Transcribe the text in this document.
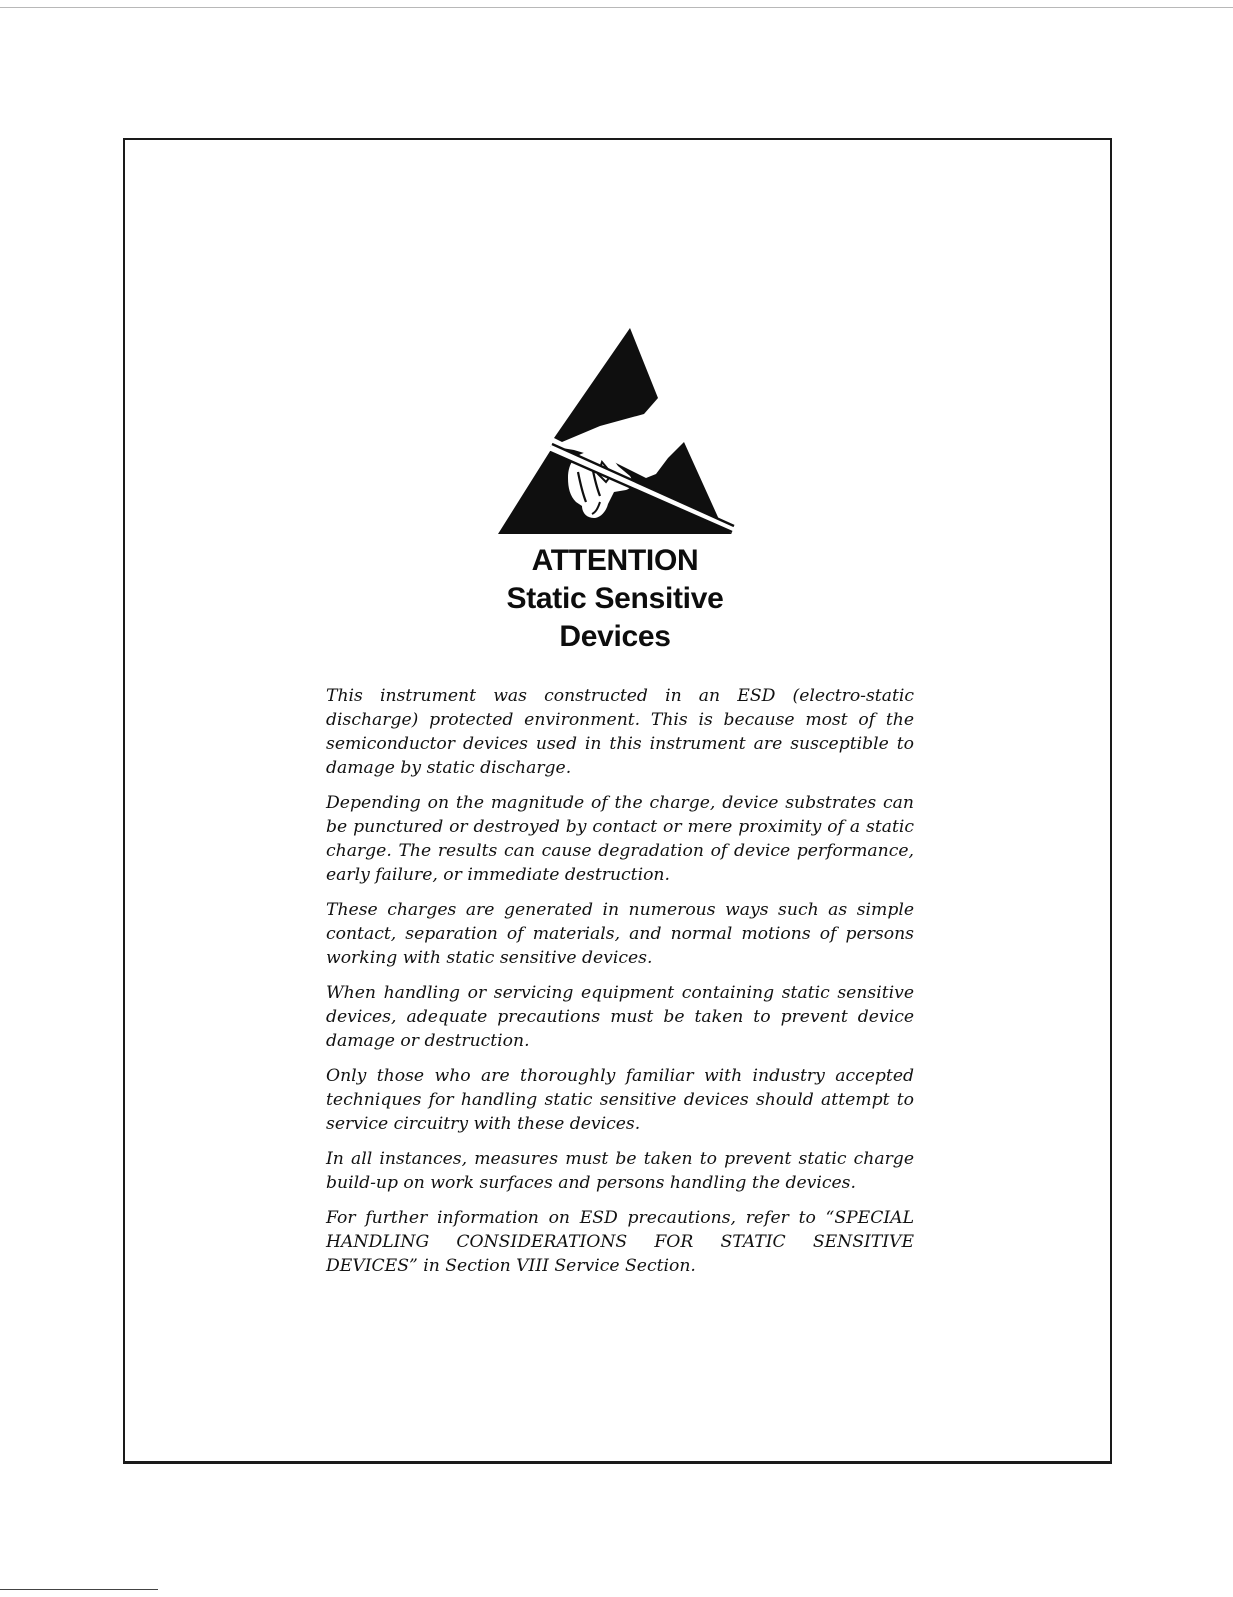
ATTENTION
Static Sensitive
Devices

This instrument was constructed in an ESD (electro-static discharge) protected environment. This is because most of the semiconductor devices used in this instrument are susceptible to damage by static discharge.

Depending on the magnitude of the charge, device substrates can be punctured or destroyed by contact or mere proximity of a static charge. The results can cause degradation of device performance, early failure, or immediate destruction.

These charges are generated in numerous ways such as simple contact, separation of materials, and normal motions of persons working with static sensitive devices.

When handling or servicing equipment containing static sensitive devices, adequate precautions must be taken to prevent device damage or destruction.

Only those who are thoroughly familiar with industry accepted techniques for handling static sensitive devices should attempt to service circuitry with these devices.

In all instances, measures must be taken to prevent static charge build-up on work surfaces and persons handling the devices.

For further information on ESD precautions, refer to “SPECIAL HANDLING CONSIDERATIONS FOR STATIC SENSITIVE DEVICES” in Section VIII Service Section.
